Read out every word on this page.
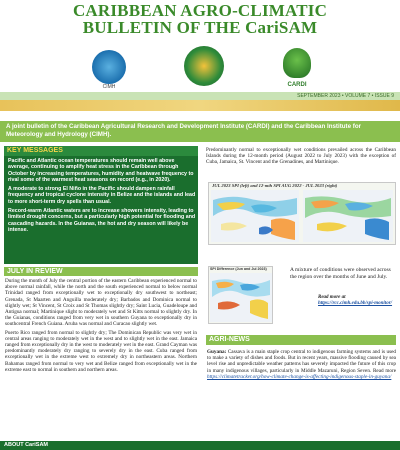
CARIBBEAN AGRO-CLIMATIC
BULLETIN OF THE CariSAM
CIMH	CARDI
SEPTEMBER 2023 • VOLUME 7 • ISSUE 9

A joint bulletin of the Caribbean Agricultural Research and Development Institute (CARDI) and the Caribbean Institute for Meteorology and Hydrology (CIMH).

KEY MESSAGES

Pacific and Atlantic ocean temperatures should remain well above average, continuing to amplify heat stress in the Caribbean through October by increasing temperatures, humidity and heatwave frequency to rival some of the warmest heat seasons on record (e.g., in 2020).

A moderate to strong El Niño in the Pacific should dampen rainfall frequency and tropical cyclone intensity in Belize and the islands and lead to more short-term dry spells than usual.

Record-warm Atlantic waters are to increase showers intensity, leading to limited drought concerns, but a particularly high potential for flooding and cascading hazards. In the Guianas, the hot and dry season will likely be intense.

JULY IN REVIEW

During the month of July the central portion of the eastern Caribbean experienced normal to above normal rainfall, while the north and the south experienced normal to below normal Trinidad ranged from exceptionally wet to exceptionally dry southwest to northeast; Grenada, St Maarten and Anguilla moderately dry; Barbados and Dominica normal to slightly wet; St Vincent, St Croix and St Thomas slightly dry; Saint Lucia, Guadeloupe and Antigua normal; Martinique slight to moderately wet and St Kitts normal to slightly dry. In the Guianas, conditions ranged from very wet in southern Guyana to exceptionally dry in southcentral French Guiana. Aruba was normal and Curacao slightly wet.

Puerto Rico ranged from normal to slightly dry; The Dominican Republic was very wet in central areas ranging to moderately wet in the west and to slightly wet in the east. Jamaica ranged from exceptionally dry in the west to moderately wet in the east. Grand Cayman was predominantly moderately dry ranging to severely dry in the east. Cuba ranged from exceptionally wet in the extreme west to extremely dry in northeastern areas. Northern Bahamas ranged from normal to very wet and Belize ranged from exceptionally wet in the extreme east to normal in southern and northern areas.

ABOUT CariSAM

Predominantly normal to exceptionally wet conditions prevailed across the Caribbean Islands during the 12-month period (August 2022 to July 2023) with the exception of Cuba, Jamaica, St. Vincent and the Grenadines, and Martinique.

JUL 2023 SPI (left) and 12-mth SPI AUG 2022 - JUL 2023 (right)
SPI Difference (Jun and Jul 2023)	A mixture of conditions were observed across the region over the months of June and July.

Read more at https://rcc.cimh.edu.bb/spi-monitor/

AGRI-NEWS

Guyana: Cassava is a main staple crop central to indigenous farming systems and is used to make a variety of dishes and foods. But in recent years, massive flooding caused by sea level rise and unpredictable weather patterns has severely impacted the future of this crop in many indigenous villages, particularly in Middle Mazaruni, Region Seven. Read more https://climatetracker.org/how-climate-change-is-affecting-indigenous-staple-in-guyana/
